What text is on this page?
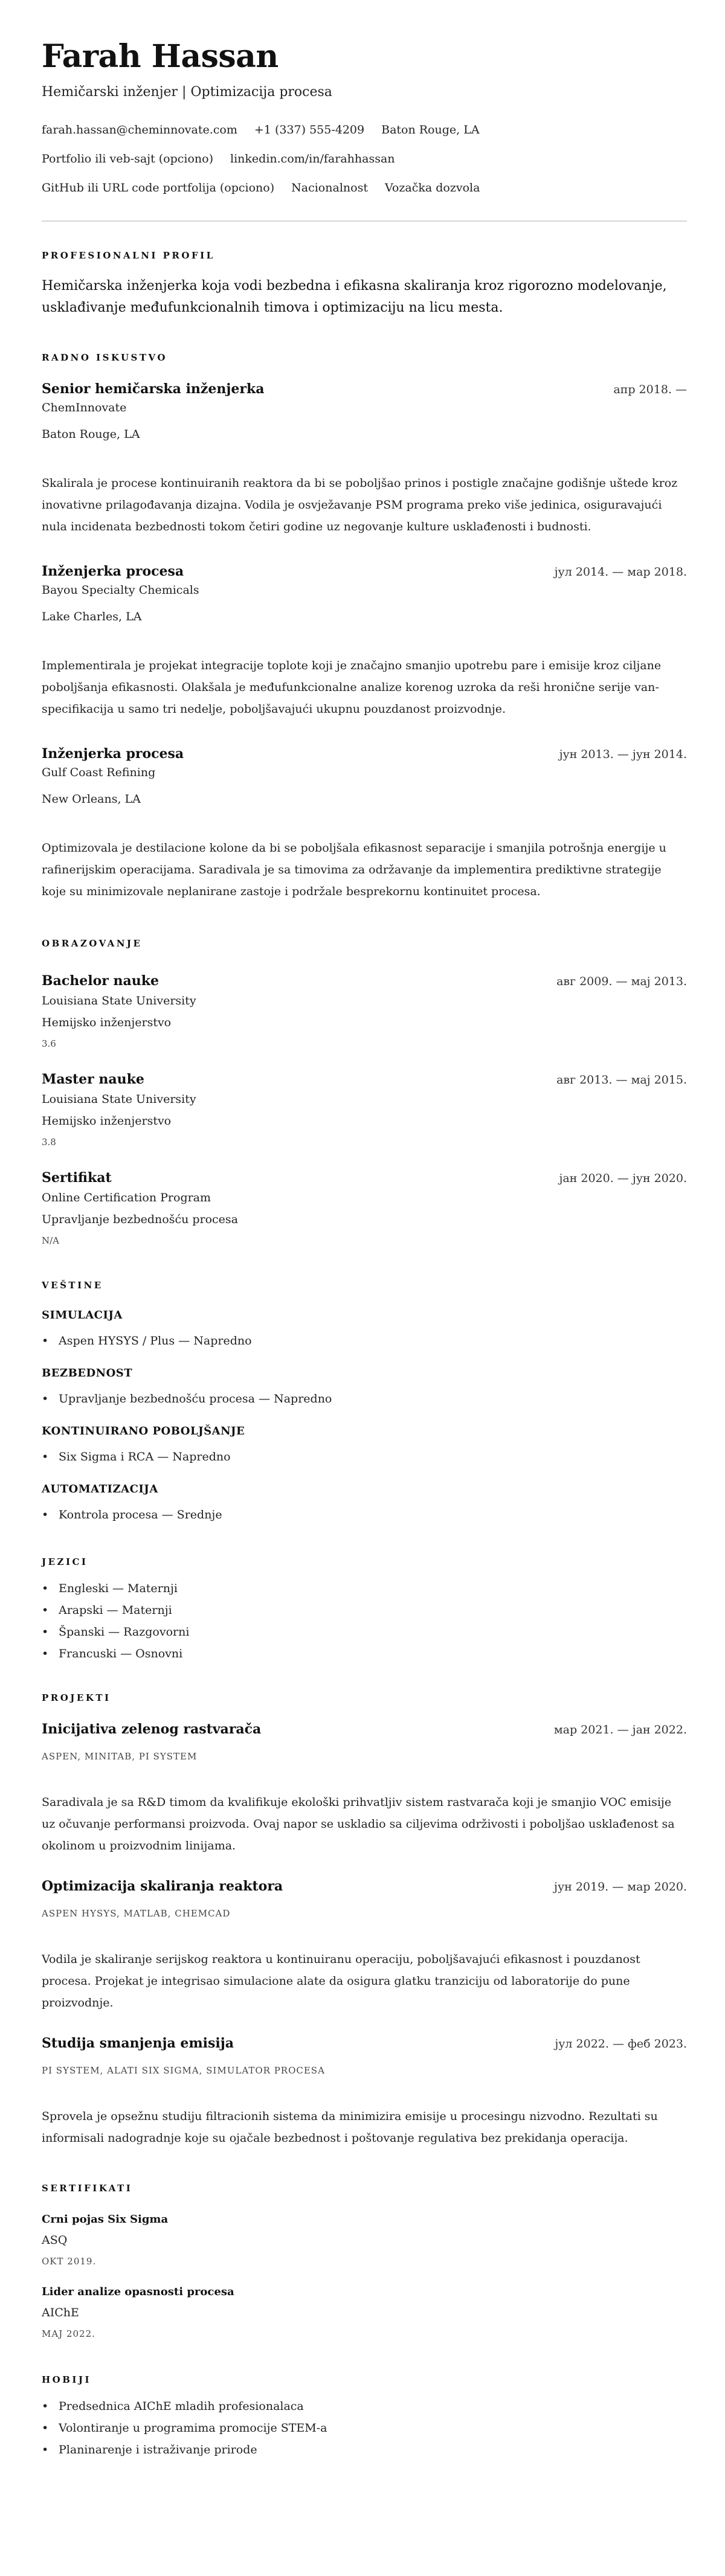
Farah Hassan
Hemičarski inženjer | Optimizacija procesa
farah.hassan@cheminnovate.com +1 (337) 555-4209 Baton Rouge, LA
Portfolio ili veb-sajt (opciono) linkedin.com/in/farahhassan
GitHub ili URL code portfolija (opciono) Nacionalnost Vozačka dozvola
PROFESIONALNI PROFIL
Hemičarska inženjerka koja vodi bezbedna i efikasna skaliranja kroz rigorozno modelovanje, usklađivanje međufunkcionalnih timova i optimizaciju na licu mesta.
RADNO ISKUSTVO
Senior hemičarska inženjerka	апр 2018. —
ChemInnovate
Baton Rouge, LA
Skalirala je procese kontinuiranih reaktora da bi se poboljšao prinos i postigle značajne godišnje uštede kroz inovativne prilagođavanja dizajna. Vodila je osvježavanje PSM programa preko više jedinica, osiguravajući nula incidenata bezbednosti tokom četiri godine uz negovanje kulture usklađenosti i budnosti.
Inženjerka procesa	јул 2014. — мар 2018.
Bayou Specialty Chemicals
Lake Charles, LA
Implementirala je projekat integracije toplote koji je značajno smanjio upotrebu pare i emisije kroz ciljane poboljšanja efikasnosti. Olakšala je međufunkcionalne analize korenog uzroka da reši hronične serije van-specifikacija u samo tri nedelje, poboljšavajući ukupnu pouzdanost proizvodnje.
Inženjerka procesa	јун 2013. — јун 2014.
Gulf Coast Refining
New Orleans, LA
Optimizovala je destilacione kolone da bi se poboljšala efikasnost separacije i smanjila potrošnja energije u rafinerijskim operacijama. Saradivala je sa timovima za održavanje da implementira prediktivne strategije koje su minimizovale neplanirane zastoje i podržale besprekornu kontinuitet procesa.
OBRAZOVANJE
Bachelor nauke	авг 2009. — мај 2013.
Louisiana State University
Hemijsko inženjerstvo
3.6
Master nauke	авг 2013. — мај 2015.
Louisiana State University
Hemijsko inženjerstvo
3.8
Sertifikat	јан 2020. — јун 2020.
Online Certification Program
Upravljanje bezbednošću procesa
N/A
VEŠTINE
SIMULACIJA
• Aspen HYSYS / Plus — Napredno
BEZBEDNOST
• Upravljanje bezbednošću procesa — Napredno
KONTINUIRANO POBOLJŠANJE
• Six Sigma i RCA — Napredno
AUTOMATIZACIJA
• Kontrola procesa — Srednje
JEZICI
• Engleski — Maternji
• Arapski — Maternji
• Španski — Razgovorni
• Francuski — Osnovni
PROJEKTI
Inicijativa zelenog rastvarača	мар 2021. — јан 2022.
ASPEN, MINITAB, PI SYSTEM
Saradivala je sa R&D timom da kvalifikuje ekološki prihvatljiv sistem rastvarača koji je smanjio VOC emisije uz očuvanje performansi proizvoda. Ovaj napor se uskladio sa ciljevima održivosti i poboljšao usklađenost sa okolinom u proizvodnim linijama.
Optimizacija skaliranja reaktora	јун 2019. — мар 2020.
ASPEN HYSYS, MATLAB, CHEMCAD
Vodila je skaliranje serijskog reaktora u kontinuiranu operaciju, poboljšavajući efikasnost i pouzdanost procesa. Projekat je integrisao simulacione alate da osigura glatku tranziciju od laboratorije do pune proizvodnje.
Studija smanjenja emisija	јул 2022. — феб 2023.
PI SYSTEM, ALATI SIX SIGMA, SIMULATOR PROCESA
Sprovela je opsežnu studiju filtracionih sistema da minimizira emisije u procesingu nizvodno. Rezultati su informisali nadogradnje koje su ojačale bezbednost i poštovanje regulativa bez prekidanja operacija.
SERTIFIKATI
Crni pojas Six Sigma
ASQ
OKT 2019.
Lider analize opasnosti procesa
AIChE
MAJ 2022.
HOBIJI
• Predsednica AIChE mladih profesionalaca
• Volontiranje u programima promocije STEM-a
• Planinarenje i istraživanje prirode
